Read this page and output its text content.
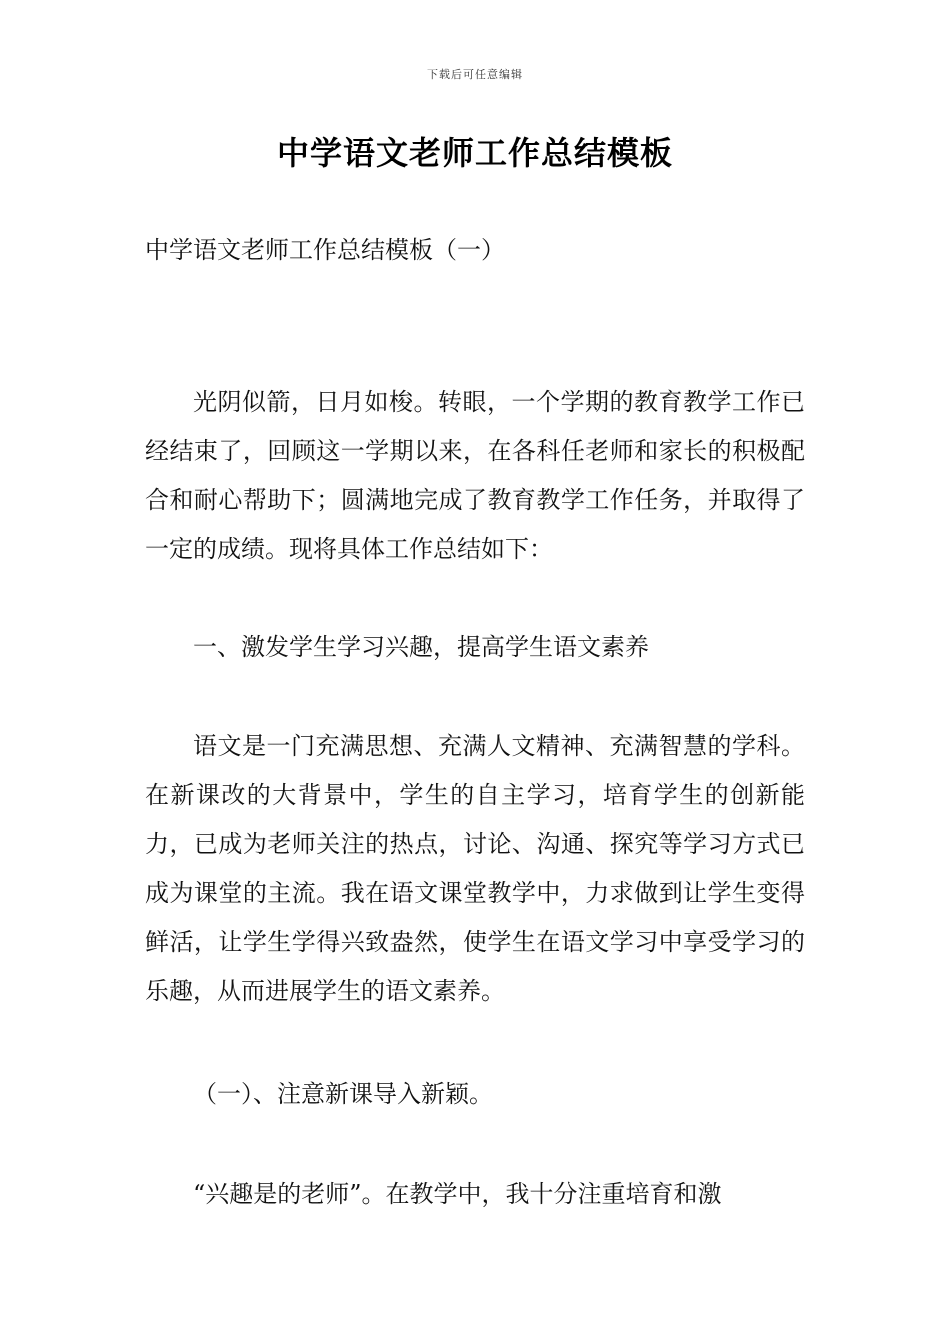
下载后可任意编辑
中学语文老师工作总结模板
中学语文老师工作总结模板（一）
光阴似箭，日月如梭。转眼，一个学期的教育教学工作已经结束了，回顾这一学期以来，在各科任老师和家长的积极配合和耐心帮助下；圆满地完成了教育教学工作任务，并取得了一定的成绩。现将具体工作总结如下：
一、激发学生学习兴趣，提高学生语文素养
语文是一门充满思想、充满人文精神、充满智慧的学科。在新课改的大背景中，学生的自主学习，培育学生的创新能力，已成为老师关注的热点，讨论、沟通、探究等学习方式已成为课堂的主流。我在语文课堂教学中，力求做到让学生变得鲜活，让学生学得兴致盎然，使学生在语文学习中享受学习的乐趣，从而进展学生的语文素养。
（一）、注意新课导入新颖。
“兴趣是的老师”。在教学中，我十分注重培育和激
